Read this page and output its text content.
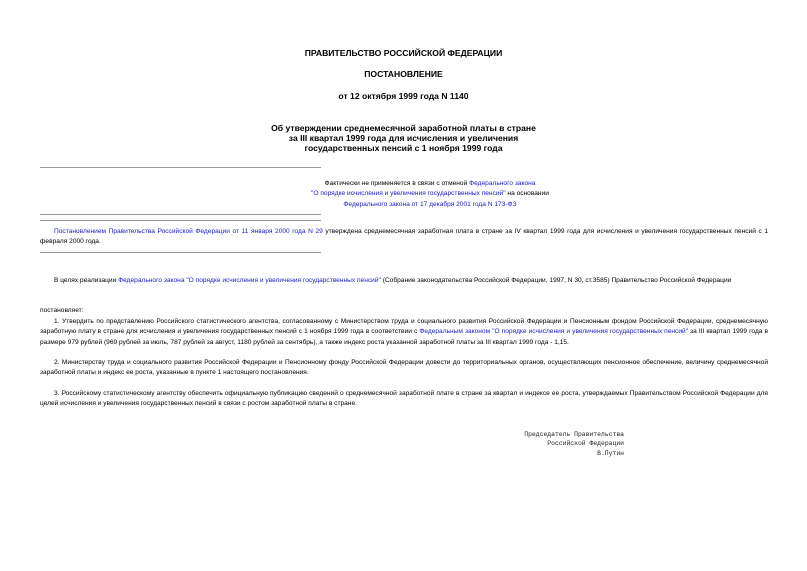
ПРАВИТЕЛЬСТВО РОССИЙСКОЙ ФЕДЕРАЦИИ
ПОСТАНОВЛЕНИЕ
от 12 октября 1999 года N 1140
Об утверждении среднемесячной заработной платы в стране
за III квартал 1999 года для исчисления и увеличения
государственных пенсий с 1 ноября 1999 года
Фактически не применяется в связи с отменой Федерального закона
"О порядке исчисления и увеличения государственных пенсий" на основании
Федерального закона от 17 декабря 2001 года N 173-ФЗ
Постановлением Правительства Российской Федерации от 11 января 2000 года N 29 утверждена среднемесячная заработная плата в стране за IV квартал 1999 года для исчисления и увеличения государственных пенсий с 1 февраля 2000 года.
В целях реализации Федерального закона "О порядке исчисления и увеличения государственных пенсий" (Собрание законодательства Российской Федерации, 1997, N 30, ст.3585) Правительство Российской Федерации
постановляет:
1. Утвердить по представлению Российского статистического агентства, согласованному с Министерством труда и социального развития Российской Федерации и Пенсионным фондом Российской Федерации, среднемесячную заработную плату в стране для исчисления и увеличения государственных пенсий с 1 ноября 1999 года в соответствии с Федеральным законом "О порядке исчисления и увеличения государственных пенсий" за III квартал 1999 года в размере 979 рублей (969 рублей за июль, 787 рублей за август, 1180 рублей за сентябрь), а также индекс роста указанной заработной платы за III квартал 1999 года - 1,15.
2. Министерству труда и социального развития Российской Федерации и Пенсионному фонду Российской Федерации довести до территориальных органов, осуществляющих пенсионное обеспечение, величину среднемесячной заработной платы и индекс ее роста, указанные в пункте 1 настоящего постановления.
3. Российскому статистическому агентству обеспечить официальную публикацию сведений о среднемесячной заработной плате в стране за квартал и индексе ее роста, утверждаемых Правительством Российской Федерации для целей исчисления и увеличения государственных пенсий в связи с ростом заработной платы в стране.
Председатель Правительства
Российской Федерации
В.Путин
